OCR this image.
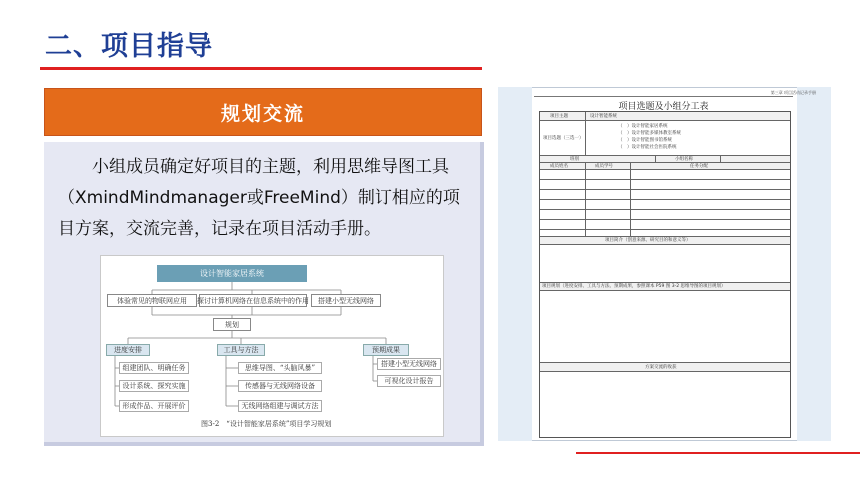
二、项目指导
规划交流

小组成员确定好项目的主题，利用思维导图工具（XmindMindmanager或FreeMind）制订相应的项目方案，交流完善，记录在项目活动手册。

设计智能家居系统
体验常见的物联网应用	探讨计算机网络在信息系统中的作用	搭建小型无线网络
规划
进度安排
组建团队、明确任务
设计系统、探究实施
形成作品、开展评价
工具与方法
思维导图、“头脑风暴”
传感器与无线网络设备
无线网络组建与调试方法
预期成果
搭建小型无线网络
可视化设计报告
图3-2　“设计智能家居系统”项目学习规划
第三章 项目活动记录手册
项目选题及小组分工表
项目主题	设计智能系统
项目选题（三选一）
（　）设计智能家居系统
（　）设计智能多媒体教室系统
（　）设计智能图书馆系统
（　）设计智能社会医院系统
班别	小组名称
成员姓名	成员学号	任务分配
项目简介（创意来源、研究目的和意义等）
项目规划（进度安排、工具与方法、预期成果，参照课本 P59 图 3-2 思维导图的项目规划）
方案交流的收获
